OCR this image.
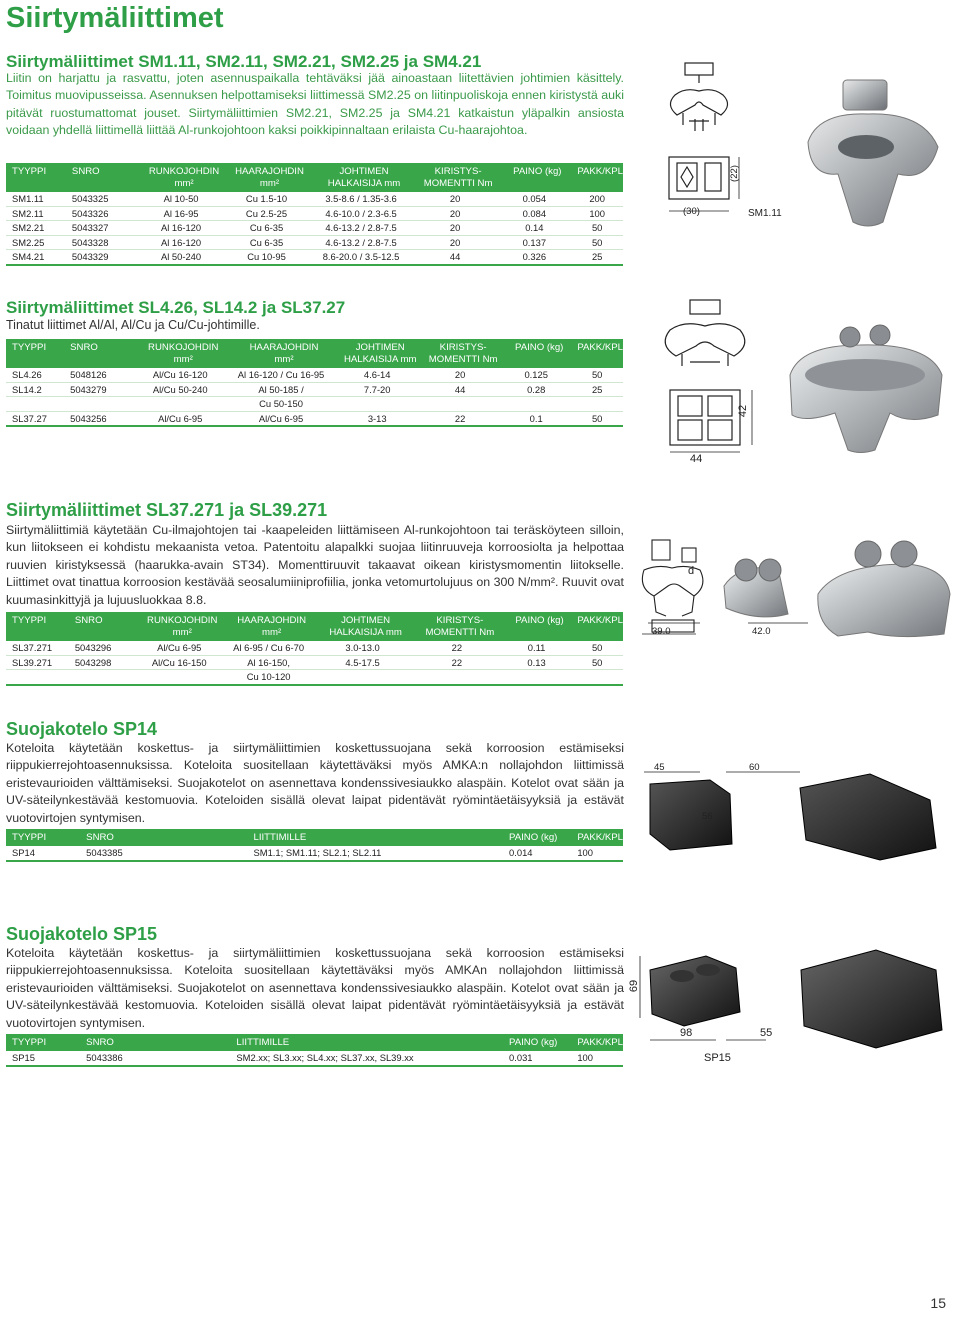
Siirtymäliittimet
Siirtymäliittimet SM1.11, SM2.11, SM2.21, SM2.25 ja SM4.21
Liitin on harjattu ja rasvattu, joten asennuspaikalla tehtäväksi jää ainoastaan liitettävien johtimien käsittely. Toimitus muovipusseissa. Asennuksen helpottamiseksi liittimessä SM2.25 on liitinpuoliskoja ennen kiristystä auki pitävät ruostumattomat jouset. Siirtymäliittimien SM2.21, SM2.25 ja SM4.21 katkaistun yläpalkin ansiosta voidaan yhdellä liittimellä liittää Al-runkojohtoon kaksi poikkipinnaltaan erilaista Cu-haarajohtoa.
TYYPPI	SNRO	RUNKOJOHDIN
mm²	HAARAJOHDIN
mm²	JOHTIMEN
HALKAISIJA mm	KIRISTYS-
MOMENTTI Nm	PAINO (kg)	PAKK/KPL
SM1.11	5043325	Al 10-50	Cu 1.5-10	3.5-8.6 / 1.35-3.6	20	0.054	200
SM2.11	5043326	Al 16-95	Cu 2.5-25	4.6-10.0 / 2.3-6.5	20	0.084	100
SM2.21	5043327	Al 16-120	Cu 6-35	4.6-13.2 / 2.8-7.5	20	0.14	50
SM2.25	5043328	Al 16-120	Cu 6-35	4.6-13.2 / 2.8-7.5	20	0.137	50
SM4.21	5043329	Al 50-240	Cu 10-95	8.6-20.0 / 3.5-12.5	44	0.326	25
(30)
(22)
SM1.11
Siirtymäliittimet SL4.26, SL14.2 ja SL37.27
Tinatut liittimet Al/Al, Al/Cu ja Cu/Cu-johtimille.
TYYPPI	SNRO	RUNKOJOHDIN
mm²	HAARAJOHDIN
mm²	JOHTIMEN
HALKAISIJA mm	KIRISTYS-
MOMENTTI Nm	PAINO (kg)	PAKK/KPL
SL4.26	5048126	Al/Cu 16-120	Al 16-120 / Cu 16-95	4.6-14	20	0.125	50
SL14.2	5043279	Al/Cu 50-240	Al 50-185 /	7.7-20	44	0.28	25
			Cu 50-150				
SL37.27	5043256	Al/Cu 6-95	Al/Cu 6-95	3-13	22	0.1	50
44
42
Siirtymäliittimet SL37.271 ja SL39.271
Siirtymäliittimiä käytetään Cu-ilmajohtojen tai -kaapeleiden liittämiseen Al-runkojohtoon tai teräsköyteen silloin, kun liitokseen ei kohdistu mekaanista vetoa. Patentoitu alapalkki suojaa liitinruuveja korroosiolta ja helpottaa ruuvien kiristyksessä (haarukka-avain ST34). Momenttiruuvit takaavat oikean kiristysmomentin liitokselle. Liittimet ovat tinattua korroosion kestävää seosalumiiniprofiilia, jonka vetomurtolujuus on 300 N/mm². Ruuvit ovat kuumasinkittyjä ja lujuusluokkaa 8.8.
TYYPPI	SNRO	RUNKOJOHDIN
mm²	HAARAJOHDIN
mm²	JOHTIMEN
HALKAISIJA mm	KIRISTYS-
MOMENTTI Nm	PAINO (kg)	PAKK/KPL
SL37.271	5043296	Al/Cu 6-95	Al 6-95 / Cu 6-70	3.0-13.0	22	0.11	50
SL39.271	5043298	Al/Cu 16-150	Al 16-150,	4.5-17.5	22	0.13	50
			Cu 10-120				
d
39.0	42.0
Suojakotelo SP14
Koteloita käytetään koskettus- ja siirtymäliittimien koskettussuojana sekä korroosion estämiseksi riippukierrejohtoasennuksissa. Koteloita suositellaan käytettäväksi myös AMKA:n nollajohdon liittimissä eristevaurioiden välttämiseksi. Suojakotelot on asennettava kondenssivesiaukko alaspäin. Kotelot ovat sään ja UV-säteilynkestävää kestomuovia. Koteloiden sisällä olevat laipat pidentävät ryömintäetäisyyksiä ja estävät vuotovirtojen syntymisen.
TYYPPI	SNRO	LIITTIMILLE	PAINO (kg)	PAKK/KPL
SP14	5043385	SM1.1; SM1.11; SL2.1; SL2.11	0.014	100
45	60
56
Suojakotelo SP15
Koteloita käytetään koskettus- ja siirtymäliittimien koskettussuojana sekä korroosion estämiseksi riippukierrejohtoasennuksissa. Koteloita suositellaan käytettäväksi myös AMKAn nollajohdon liittimissä eristevaurioiden välttämiseksi. Suojakotelot on asennettava kondenssivesiaukko alaspäin. Kotelot ovat sään ja UV-säteilynkestävää kestomuovia. Koteloiden sisällä olevat laipat pidentävät ryömintäetäisyyksiä ja estävät vuotovirtojen syntymisen.
TYYPPI	SNRO	LIITTIMILLE	PAINO (kg)	PAKK/KPL
SP15	5043386	SM2.xx; SL3.xx; SL4.xx; SL37.xx, SL39.xx	0.031	100
69
98	55
SP15
15
